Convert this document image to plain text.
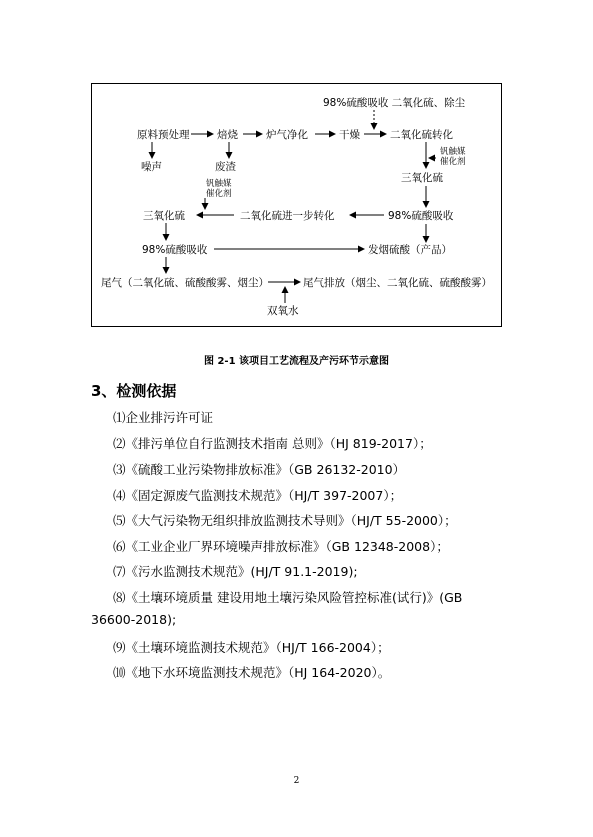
98%硫酸吸收 二氧化硫、除尘
原料预处理	焙烧	炉气净化	干燥	二氧化硫转化
噪声	废渣
钒触媒 催化剂
三氧化硫
钒触媒 催化剂
三氧化硫	二氧化硫进一步转化	98%硫酸吸收
98%硫酸吸收	发烟硫酸（产品）
尾气（二氧化硫、硫酸酸雾、烟尘）	尾气排放（烟尘、二氧化硫、硫酸酸雾）
双氧水
图 2-1 该项目工艺流程及产污环节示意图
3、检测依据
⑴企业排污许可证
⑵《排污单位自行监测技术指南 总则》（HJ 819-2017）；
⑶《硫酸工业污染物排放标准》（GB 26132-2010）
⑷《固定源废气监测技术规范》（HJ/T 397-2007）；
⑸《大气污染物无组织排放监测技术导则》（HJ/T 55-2000）；
⑹《工业企业厂界环境噪声排放标准》（GB 12348-2008）；
⑺《污水监测技术规范》(HJ/T 91.1-2019);
⑻《土壤环境质量 建设用地土壤污染风险管控标准(试行)》(GB
36600-2018);
⑼《土壤环境监测技术规范》（HJ/T 166-2004）；
⑽《地下水环境监测技术规范》（HJ 164-2020）。
2
